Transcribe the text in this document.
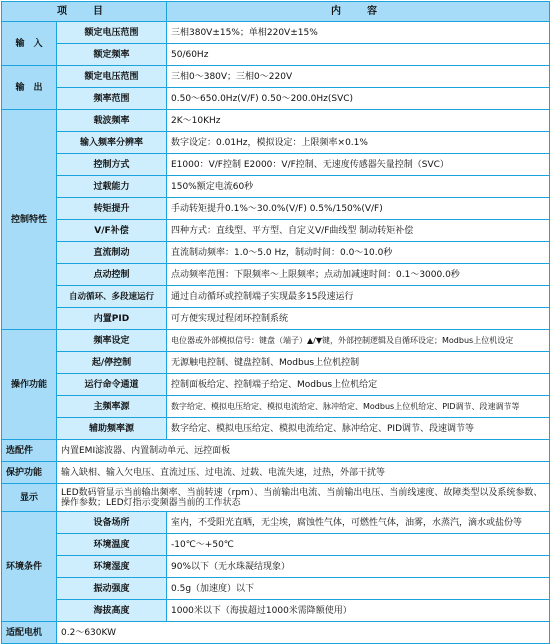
项　目		内　容
输　入	额定电压范围	三相380V±15%；单相220V±15%
	额定频率	50/60Hz
输　出	额定电压范围	三相0～380V；三相0～220V
	频率范围	0.50～650.0Hz(V/F) 0.50～200.0Hz(SVC)
控制特性	载波频率	2K～10KHz
	输入频率分辨率	数字设定：0.01Hz，模拟设定：上限频率×0.1%
	控制方式	E1000：V/F控制 E2000：V/F控制、无速度传感器矢量控制（SVC）
	过载能力	150%额定电流60秒
	转矩提升	手动转矩提升0.1%～30.0%(V/F) 0.5%/150%(V/F)
	V/F补偿	四种方式：直线型、平方型、自定义V/F曲线型 制动转矩补偿
	直流制动	直流制动频率：1.0～5.0 Hz，制动时间：0.0～10.0秒
	点动控制	点动频率范围：下限频率～上限频率；点动加减速时间：0.1～3000.0秒
	自动循环、多段速运行	通过自动循环或控制端子实现最多15段速运行
	内置PID	可方便实现过程闭环控制系统
操作功能	频率设定	电位器或外部模拟信号：键盘（端子）▲/▼键，外部控制逻辑及自循环设定；Modbus上位机设定
	起/停控制	无源触电控制、键盘控制、Modbus上位机控制
	运行命令通道	控制面板给定、控制端子给定、Modbus上位机给定
	主频率源	数字给定、模拟电压给定、模拟电流给定、脉冲给定、Modbus上位机给定、PID调节、段速调节等
	辅助频率源	数字给定、模拟电压给定、模拟电流给定、脉冲给定、PID调节、段速调节等
选配件	内置EMI滤波器、内置制动单元、远控面板	
保护功能	输入缺相、输入欠电压、直流过压、过电流、过载、电流失速，过热，外部干扰等	
显示	LED数码管显示当前输出频率、当前转速（rpm）、当前输出电流、当前输出电压、当前线速度、故障类型以及系统参数、操作参数；LED灯指示变频器当前的工作状态	
环境条件	设备场所	室内，不受阳光直晒，无尘埃，腐蚀性气体，可燃性气体，油雾，水蒸汽，滴水或盐份等
	环境温度	-10℃～+50℃
	环境湿度	90%以下（无水珠凝结现象）
	振动强度	0.5g（加速度）以下
	海拔高度	1000米以下（海拔超过1000米需降额使用）
适配电机	0.2～630KW	
